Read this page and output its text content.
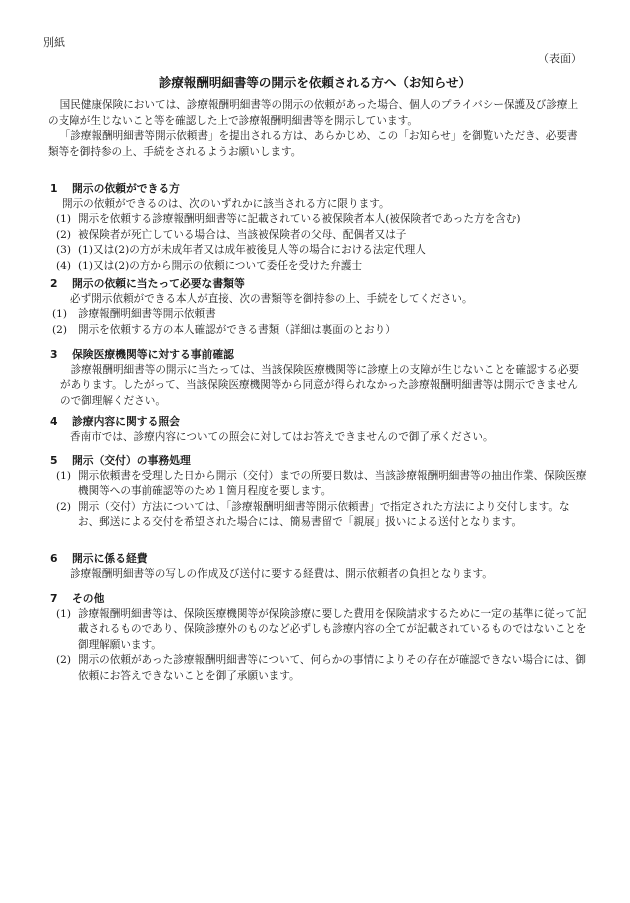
別紙
（表面）
診療報酬明細書等の開示を依頼される方へ（お知らせ）

国民健康保険においては、診療報酬明細書等の開示の依頼があった場合、個人のプライバシー保護及び診療上の支障が生じないこと等を確認した上で診療報酬明細書等を開示しています。

「診療報酬明細書等開示依頼書」を提出される方は、あらかじめ、この「お知らせ」を御覧いただき、必要書類等を御持参の上、手続をされるようお願いします。

1 開示の依頼ができる方

開示の依頼ができるのは、次のいずれかに該当される方に限ります。

(1) 開示を依頼する診療報酬明細書等に記載されている被保険者本人(被保険者であった方を含む)
(2) 被保険者が死亡している場合は、当該被保険者の父母、配偶者又は子
(3) (1)又は(2)の方が未成年者又は成年被後見人等の場合における法定代理人
(4) (1)又は(2)の方から開示の依頼について委任を受けた弁護士

2 開示の依頼に当たって必要な書類等

必ず開示依頼ができる本人が直接、次の書類等を御持参の上、手続をしてください。

(1)	診療報酬明細書等開示依頼書
(2)	開示を依頼する方の本人確認ができる書類（詳細は裏面のとおり）

3 保険医療機関等に対する事前確認

診療報酬明細書等の開示に当たっては、当該保険医療機関等に診療上の支障が生じないことを確認する必要があります。したがって、当該保険医療機関等から同意が得られなかった診療報酬明細書等は開示できませんので御理解ください。

4 診療内容に関する照会

香南市では、診療内容についての照会に対してはお答えできませんので御了承ください。

5 開示（交付）の事務処理

(1) 開示依頼書を受理した日から開示（交付）までの所要日数は、当該診療報酬明細書等の抽出作業、保険医療機関等への事前確認等のため１箇月程度を要します。
(2) 開示（交付）方法については、「診療報酬明細書等開示依頼書」で指定された方法により交付します。なお、郵送による交付を希望された場合には、簡易書留で「親展」扱いによる送付となります。

6 開示に係る経費

診療報酬明細書等の写しの作成及び送付に要する経費は、開示依頼者の負担となります。

7 その他

(1) 診療報酬明細書等は、保険医療機関等が保険診療に要した費用を保険請求するために一定の基準に従って記載されるものであり、保険診療外のものなど必ずしも診療内容の全てが記載されているものではないことを御理解願います。
(2) 開示の依頼があった診療報酬明細書等について、何らかの事情によりその存在が確認できない場合には、御依頼にお答えできないことを御了承願います。
